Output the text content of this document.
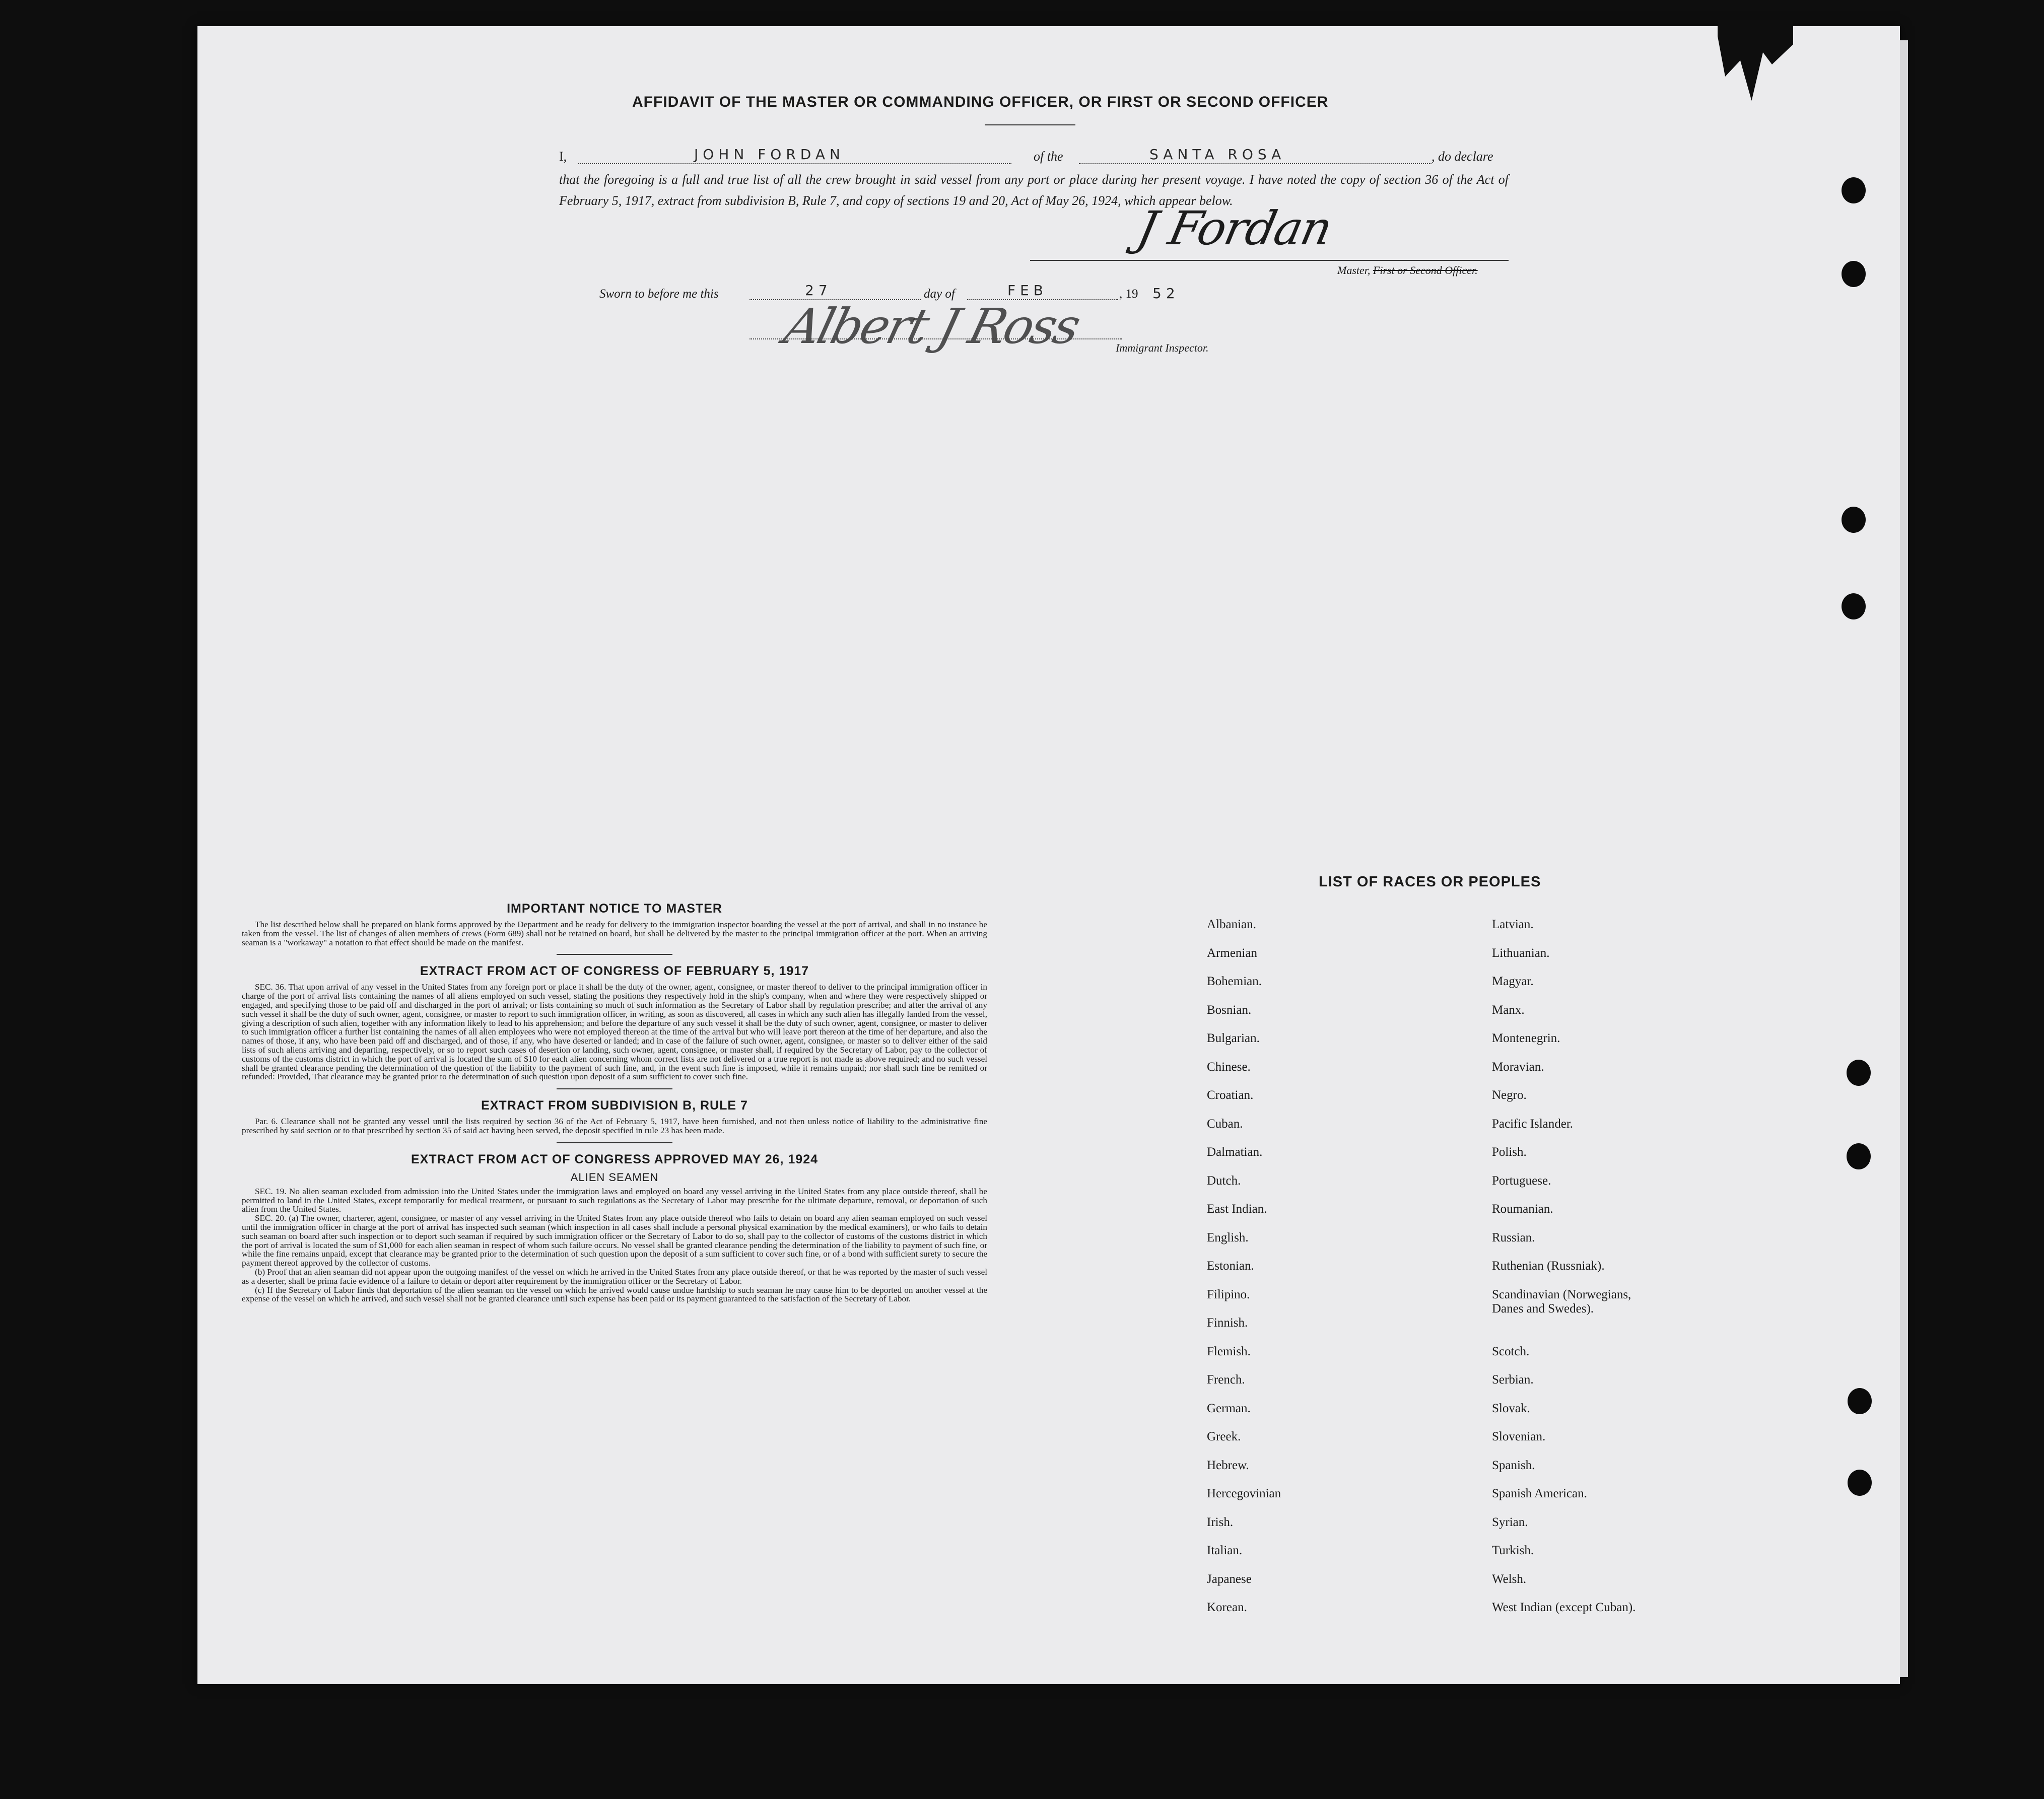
AFFIDAVIT OF THE MASTER OR COMMANDING OFFICER, OR FIRST OR SECOND OFFICER
I,	JOHN FORDAN	of the	SANTA ROSA	, do declare
that the foregoing is a full and true list of all the crew brought in said vessel from any port or place during her present voyage. I have noted the copy of section 36 of the Act of February 5, 1917, extract from subdivision B, Rule 7, and copy of sections 19 and 20, Act of May 26, 1924, which appear below.
J Fordan
Master, First or Second Officer.
Sworn to before me this	27	day of	FEB	, 19 52
Albert J Ross	Immigrant Inspector.
IMPORTANT NOTICE TO MASTER

The list described below shall be prepared on blank forms approved by the Department and be ready for delivery to the immigration inspector boarding the vessel at the port of arrival, and shall in no instance be taken from the vessel. The list of changes of alien members of crews (Form 689) shall not be retained on board, but shall be delivered by the master to the principal immigration officer at the port. When an arriving seaman is a "workaway" a notation to that effect should be made on the manifest.

EXTRACT FROM ACT OF CONGRESS OF FEBRUARY 5, 1917

SEC. 36. That upon arrival of any vessel in the United States from any foreign port or place it shall be the duty of the owner, agent, consignee, or master thereof to deliver to the principal immigration officer in charge of the port of arrival lists containing the names of all aliens employed on such vessel, stating the positions they respectively hold in the ship's company, when and where they were respectively shipped or engaged, and specifying those to be paid off and discharged in the port of arrival; or lists containing so much of such information as the Secretary of Labor shall by regulation prescribe; and after the arrival of any such vessel it shall be the duty of such owner, agent, consignee, or master to report to such immigration officer, in writing, as soon as discovered, all cases in which any such alien has illegally landed from the vessel, giving a description of such alien, together with any information likely to lead to his apprehension; and before the departure of any such vessel it shall be the duty of such owner, agent, consignee, or master to deliver to such immigration officer a further list containing the names of all alien employees who were not employed thereon at the time of the arrival but who will leave port thereon at the time of her departure, and also the names of those, if any, who have been paid off and discharged, and of those, if any, who have deserted or landed; and in case of the failure of such owner, agent, consignee, or master so to deliver either of the said lists of such aliens arriving and departing, respectively, or so to report such cases of desertion or landing, such owner, agent, consignee, or master shall, if required by the Secretary of Labor, pay to the collector of customs of the customs district in which the port of arrival is located the sum of $10 for each alien concerning whom correct lists are not delivered or a true report is not made as above required; and no such vessel shall be granted clearance pending the determination of the question of the liability to the payment of such fine, and, in the event such fine is imposed, while it remains unpaid; nor shall such fine be remitted or refunded: Provided, That clearance may be granted prior to the determination of such question upon deposit of a sum sufficient to cover such fine.

EXTRACT FROM SUBDIVISION B, RULE 7

Par. 6. Clearance shall not be granted any vessel until the lists required by section 36 of the Act of February 5, 1917, have been furnished, and not then unless notice of liability to the administrative fine prescribed by said section or to that prescribed by section 35 of said act having been served, the deposit specified in rule 23 has been made.

EXTRACT FROM ACT OF CONGRESS APPROVED MAY 26, 1924
ALIEN SEAMEN

SEC. 19. No alien seaman excluded from admission into the United States under the immigration laws and employed on board any vessel arriving in the United States from any place outside thereof, shall be permitted to land in the United States, except temporarily for medical treatment, or pursuant to such regulations as the Secretary of Labor may prescribe for the ultimate departure, removal, or deportation of such alien from the United States.

SEC. 20. (a) The owner, charterer, agent, consignee, or master of any vessel arriving in the United States from any place outside thereof who fails to detain on board any alien seaman employed on such vessel until the immigration officer in charge at the port of arrival has inspected such seaman (which inspection in all cases shall include a personal physical examination by the medical examiners), or who fails to detain such seaman on board after such inspection or to deport such seaman if required by such immigration officer or the Secretary of Labor to do so, shall pay to the collector of customs of the customs district in which the port of arrival is located the sum of $1,000 for each alien seaman in respect of whom such failure occurs. No vessel shall be granted clearance pending the determination of the liability to payment of such fine, or while the fine remains unpaid, except that clearance may be granted prior to the determination of such question upon the deposit of a sum sufficient to cover such fine, or of a bond with sufficient surety to secure the payment thereof approved by the collector of customs.

(b) Proof that an alien seaman did not appear upon the outgoing manifest of the vessel on which he arrived in the United States from any place outside thereof, or that he was reported by the master of such vessel as a deserter, shall be prima facie evidence of a failure to detain or deport after requirement by the immigration officer or the Secretary of Labor.

(c) If the Secretary of Labor finds that deportation of the alien seaman on the vessel on which he arrived would cause undue hardship to such seaman he may cause him to be deported on another vessel at the expense of the vessel on which he arrived, and such vessel shall not be granted clearance until such expense has been paid or its payment guaranteed to the satisfaction of the Secretary of Labor.

LIST OF RACES OR PEOPLES
Albanian.
Armenian
Bohemian.
Bosnian.
Bulgarian.
Chinese.
Croatian.
Cuban.
Dalmatian.
Dutch.
East Indian.
English.
Estonian.
Filipino.
Finnish.
Flemish.
French.
German.
Greek.
Hebrew.
Hercegovinian
Irish.
Italian.
Japanese
Korean.
Latvian.
Lithuanian.
Magyar.
Manx.
Montenegrin.
Moravian.
Negro.
Pacific Islander.
Polish.
Portuguese.
Roumanian.
Russian.
Ruthenian (Russniak).
Scandinavian (Norwegians, Danes and Swedes).
Scotch.
Serbian.
Slovak.
Slovenian.
Spanish.
Spanish American.
Syrian.
Turkish.
Welsh.
West Indian (except Cuban).
